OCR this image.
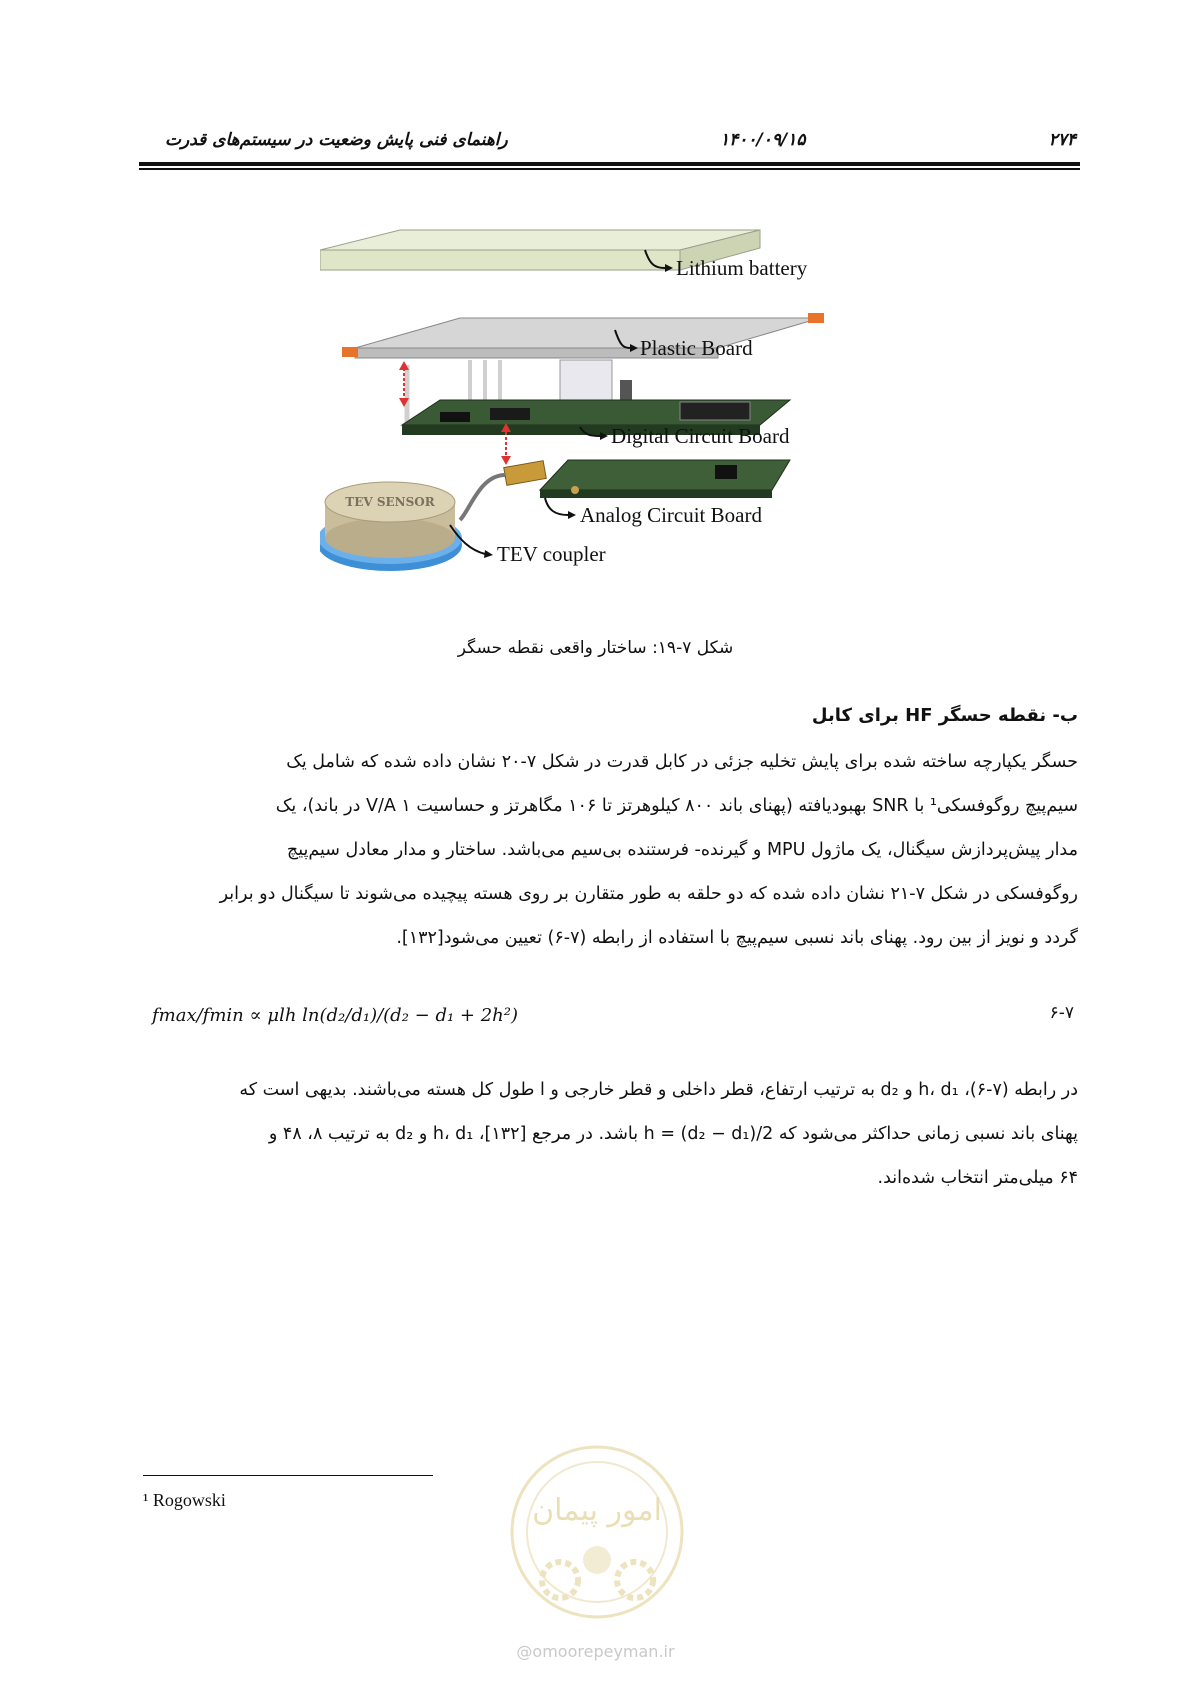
۲۷۴
۱۴۰۰/۰۹/۱۵
راهنمای فنی پایش وضعیت در سیستم‌های قدرت
TEV SENSOR
Lithium battery
Plastic Board
Digital Circuit Board
Analog Circuit Board
TEV coupler
شکل ۷-۱۹: ساختار واقعی نقطه حسگر
ب- نقطه حسگر HF برای کابل
حسگر یکپارچه ساخته شده برای پایش تخلیه جزئی در کابل قدرت در شکل ۷-۲۰ نشان داده شده که شامل یک
سیم‌پیچ روگوفسکی¹ با SNR بهبودیافته (پهنای باند ۸۰۰ کیلوهرتز تا ۱۰۶ مگاهرتز و حساسیت V/A ۱ در باند)، یک
مدار پیش‌پردازش سیگنال، یک ماژول MPU و گیرنده- فرستنده بی‌سیم می‌باشد. ساختار و مدار معادل سیم‌پیچ
روگوفسکی در شکل ۷-۲۱ نشان داده شده که دو حلقه به طور متقارن بر روی هسته پیچیده می‌شوند تا سیگنال دو برابر
گردد و نویز از بین رود. پهنای باند نسبی سیم‌پیچ با استفاده از رابطه (۷-۶) تعیین می‌شود[۱۳۲].
fmax/fmin ∝ μlh ln(d₂/d₁)/(d₂ − d₁ + 2h²)	۶-۷
در رابطه (۷-۶)، h، d₁ و d₂ به ترتیب ارتفاع، قطر داخلی و قطر خارجی و l طول کل هسته می‌باشند. بدیهی است که
پهنای باند نسبی زمانی حداکثر می‌شود که h = (d₂ − d₁)/2 باشد. در مرجع [۱۳۲]، h، d₁ و d₂ به ترتیب ۸، ۴۸ و
۶۴ میلی‌متر انتخاب شده‌اند.
¹ Rogowski	امور پیمان
@omoorepeyman.ir
